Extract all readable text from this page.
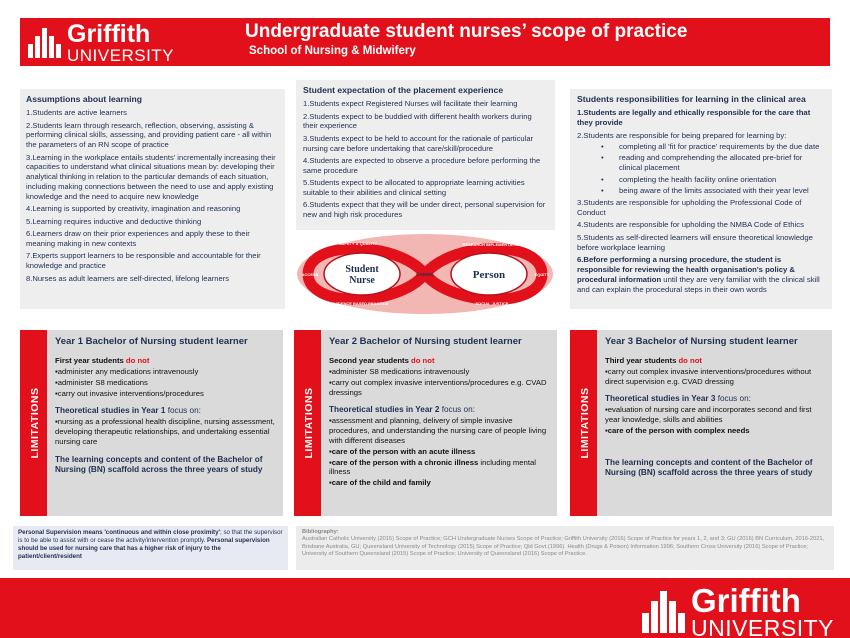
Griffith
UNIVERSITY
Undergraduate student nurses’ scope of practice
School of Nursing & Midwifery
Assumptions about learning

1.Students are active learners

2.Students learn through research, reflection, observing, assisting & performing clinical skills, assessing, and providing patient care - all within the parameters of an RN scope of practice

3.Learning in the workplace entails students' incrementally increasing their capacities to understand what clinical situations mean by: developing their analytical thinking in relation to the particular demands of each situation, including making connections between the need to use and apply existing knowledge and the need to acquire new knowledge

4.Learning is supported by creativity, imagination and reasoning

5.Learning requires inductive and deductive thinking

6.Learners draw on their prior experiences and apply these to their meaning making in new contexts

7.Experts support learners to be responsible and accountable for their knowledge and practice

8.Nurses as adult learners are self-directed, lifelong learners

Student expectation of the placement experience

1.Students expect Registered Nurses will facilitate their learning

2.Students expect to be buddied with different health workers during their experience

3.Students expect to be held to account for the rationale of particular nursing care before undertaking that care/skill/procedure

4.Students are expected to observe a procedure before performing the same procedure

5.Students expect to be allocated to appropriate learning activities suitable to their abilities and clinical setting

6.Students expect that they will be under direct, personal supervision for new and high risk procedures

Student
Nurse	Person
SAFETY & QUALITY	RESEARCH IMPLEMENTATION
EVIDENCE BASED PRACTICE	SOCIAL JUSTICE
ACCESS	EQUITY
CARING
Students responsibilities for learning in the clinical area

1.Students are legally and ethically responsible for the care that they provide

2.Students are responsible for being prepared for learning by:

• completing all 'fit for practice' requirements by the due date
• reading and comprehending the allocated pre-brief for clinical placement
• completing the health facility online orientation
• being aware of the limits associated with their year level

3.Students are responsible for upholding the Professional Code of Conduct

4.Students are responsible for upholding the NMBA Code of Ethics

5.Students as self-directed learners will ensure theoretical knowledge before workplace learning

6.Before performing a nursing procedure, the student is responsible for reviewing the health organisation's policy & procedural information until they are very familiar with the clinical skill and can explain the procedural steps in their own words

LIMITATIONS
Year 1 Bachelor of Nursing student learner
First year students do not
▪administer any medications intravenously
▪administer S8 medications
▪carry out invasive interventions/procedures
Theoretical studies in Year 1 focus on:
▪nursing as a professional health discipline, nursing assessment, developing therapeutic relationships, and undertaking essential nursing care
The learning concepts and content of the Bachelor of Nursing (BN) scaffold across the three years of study
LIMITATIONS
Year 2 Bachelor of Nursing student learner
Second year students do not
▪administer S8 medications intravenously
▪carry out complex invasive interventions/procedures e.g. CVAD dressings
Theoretical studies in Year 2 focus on:
▪assessment and planning, delivery of simple invasive procedures, and understanding the nursing care of people living with different diseases
▪care of the person with an acute illness
▪care of the person with a chronic illness including mental illness
▪care of the child and family
LIMITATIONS
Year 3 Bachelor of Nursing student learner
Third year students do not
▪carry out complex invasive interventions/procedures without direct supervision e.g. CVAD dressing
Theoretical studies in Year 3 focus on:
▪evaluation of nursing care and incorporates second and first year knowledge, skills and abilities
▪care of the person with complex needs
The learning concepts and content of the Bachelor of Nursing (BN) scaffold across the three years of study
Personal Supervision means 'continuous and within close proximity'; so that the supervisor is to be able to assist with or cease the activity/intervention promptly. Personal supervision should be used for nursing care that has a higher risk of injury to the patient/client/resident
Bibliography:
Australian Catholic University (2015) Scope of Practice; GCH Undergraduate Nurses Scope of Practice; Griffith University (2016) Scope of Practice for years 1, 2, and 3; GU (2016) BN Curriculum, 2016-2021, Brisbane Australia, GU; Queensland University of Technology (2015) Scope of Practice; Qld Govt.(1996). Health (Drugs & Poison) Information 1996; Southern Cross University (2016) Scope of Practice; University of Southern Queensland (2015) Scope of Practice; University of Queensland (2016) Scope of Practice.
Griffith
UNIVERSITY
